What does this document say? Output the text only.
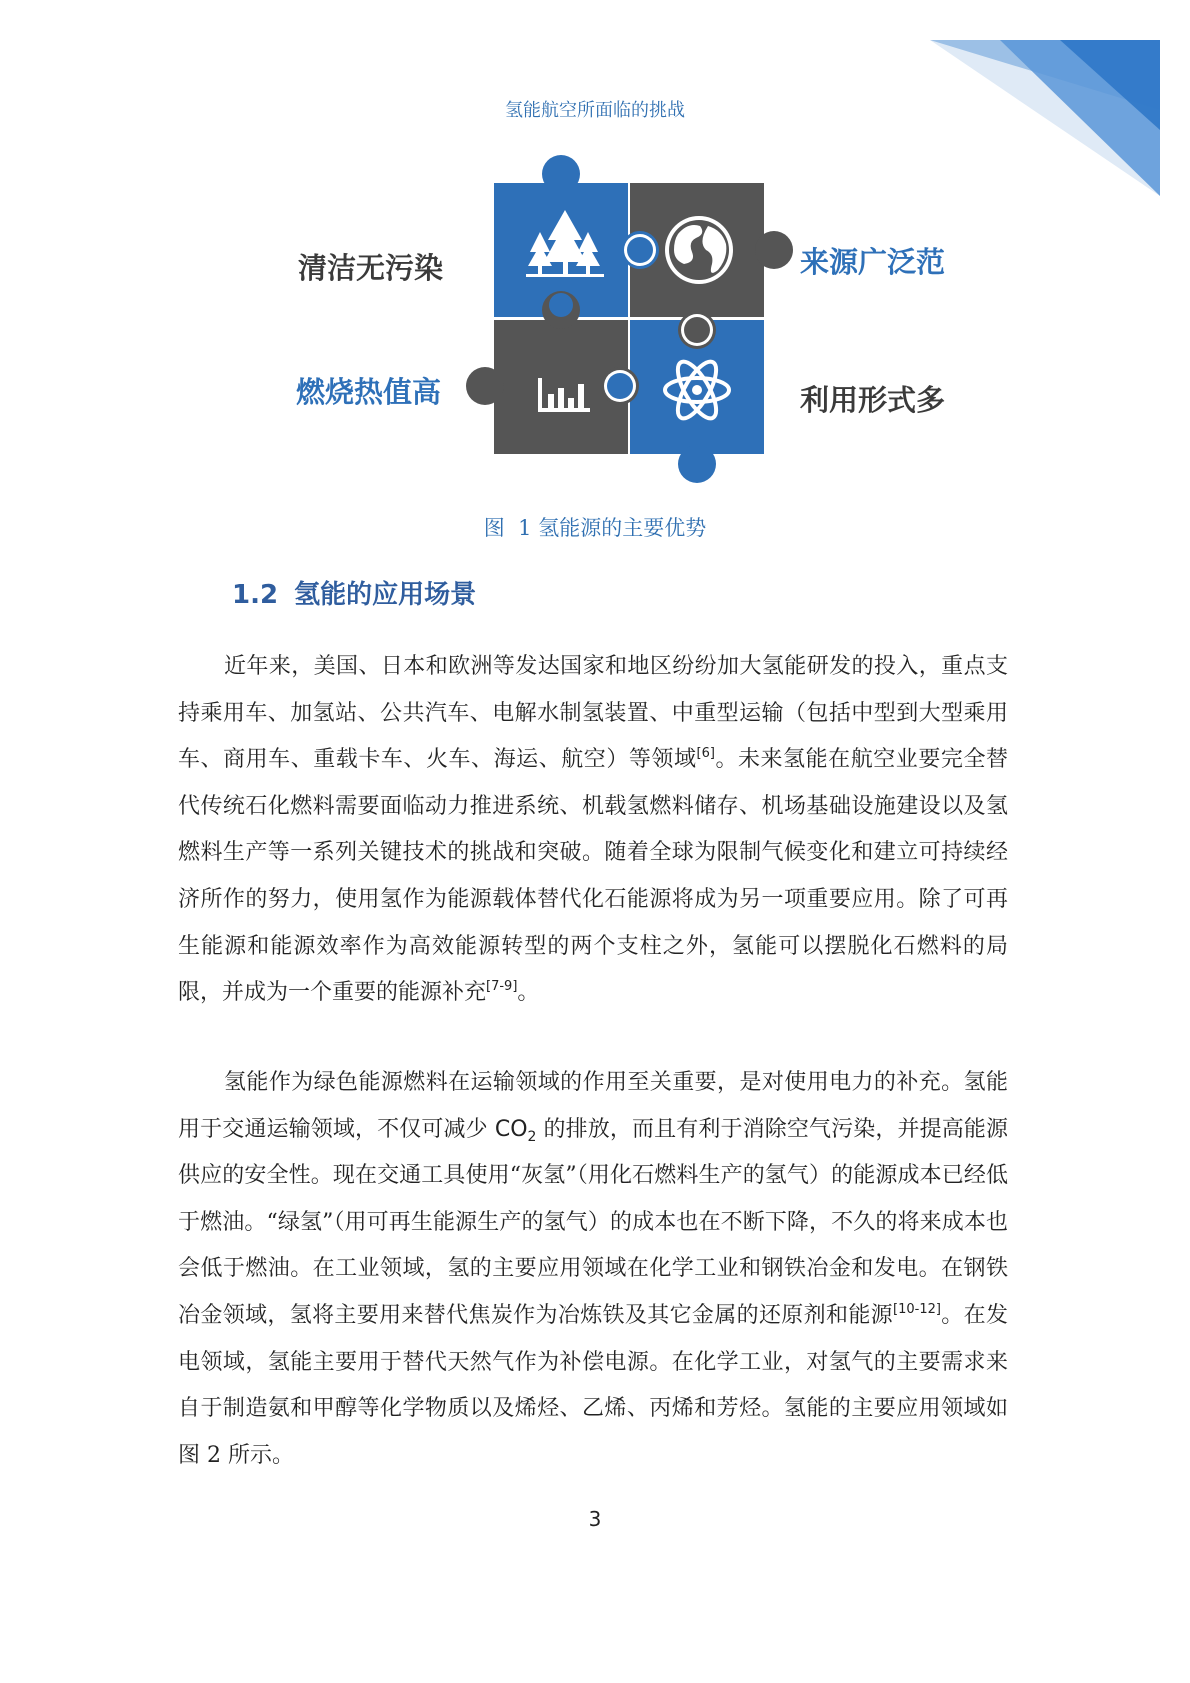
氢能航空所面临的挑战
清洁无污染	来源广泛范
燃烧热值高	利用形式多
图 1 氢能源的主要优势
1.2 氢能的应用场景

近年来，美国、日本和欧洲等发达国家和地区纷纷加大氢能研发的投入，重点支持乘用车、加氢站、公共汽车、电解水制氢装置、中重型运输（包括中型到大型乘用车、商用车、重载卡车、火车、海运、航空）等领域[6]。未来氢能在航空业要完全替代传统石化燃料需要面临动力推进系统、机载氢燃料储存、机场基础设施建设以及氢燃料生产等一系列关键技术的挑战和突破。随着全球为限制气候变化和建立可持续经济所作的努力，使用氢作为能源载体替代化石能源将成为另一项重要应用。除了可再生能源和能源效率作为高效能源转型的两个支柱之外，氢能可以摆脱化石燃料的局限，并成为一个重要的能源补充[7-9]。

氢能作为绿色能源燃料在运输领域的作用至关重要，是对使用电力的补充。氢能用于交通运输领域，不仅可减少 $CO_2$ 的排放，而且有利于消除空气污染，并提高能源供应的安全性。现在交通工具使用“灰氢”（用化石燃料生产的氢气）的能源成本已经低于燃油。“绿氢”（用可再生能源生产的氢气）的成本也在不断下降，不久的将来成本也会低于燃油。在工业领域，氢的主要应用领域在化学工业和钢铁冶金和发电。在钢铁冶金领域，氢将主要用来替代焦炭作为冶炼铁及其它金属的还原剂和能源[10-12]。在发电领域，氢能主要用于替代天然气作为补偿电源。在化学工业，对氢气的主要需求来自于制造氨和甲醇等化学物质以及烯烃、乙烯、丙烯和芳烃。氢能的主要应用领域如图 2 所示。

3
